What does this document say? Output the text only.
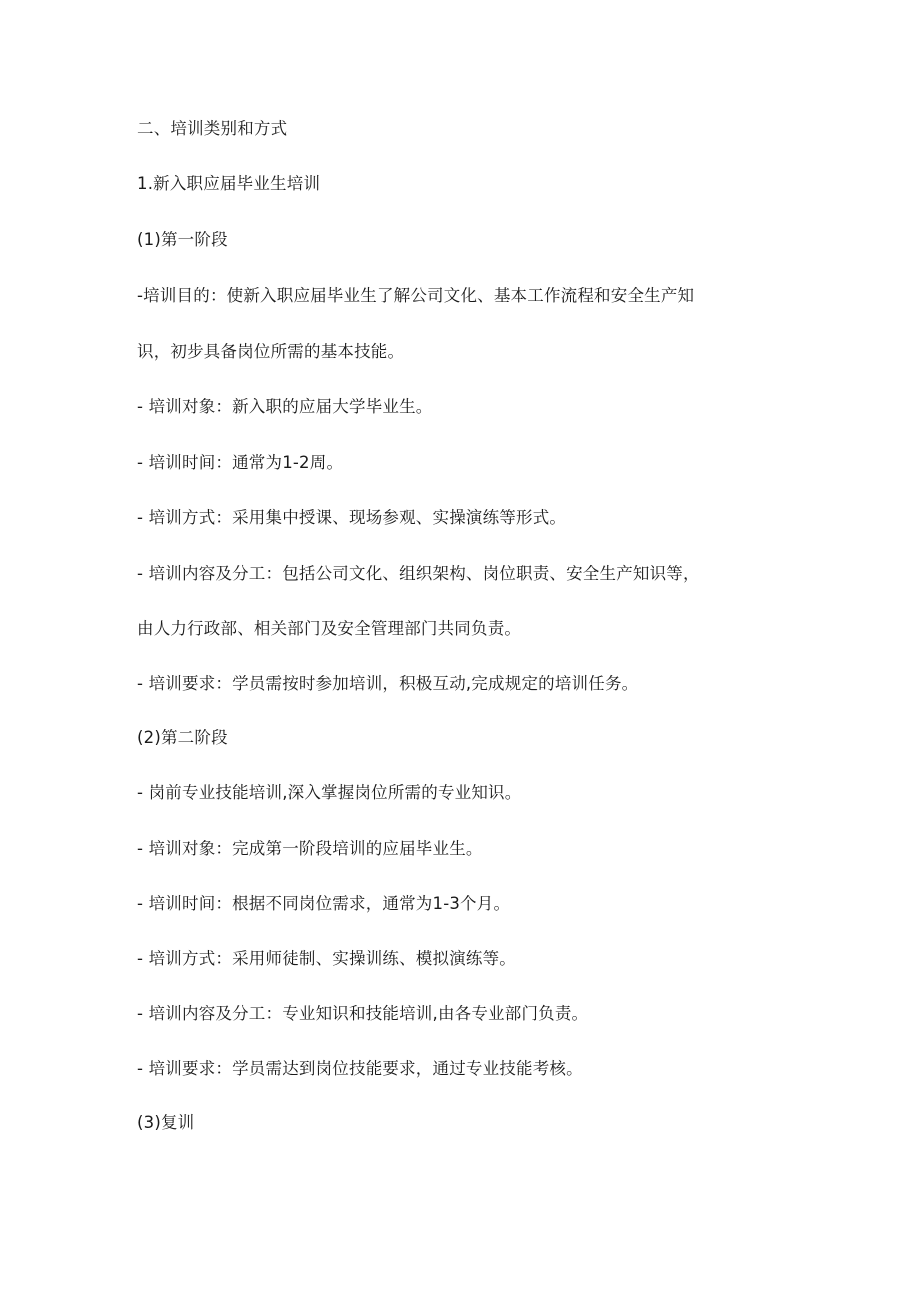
二、培训类别和方式
1.新入职应届毕业生培训
(1)第一阶段
-培训目的：使新入职应届毕业生了解公司文化、基本工作流程和安全生产知
识，初步具备岗位所需的基本技能。
- 培训对象：新入职的应届大学毕业生。
- 培训时间：通常为1-2周。
- 培训方式：采用集中授课、现场参观、实操演练等形式。
- 培训内容及分工：包括公司文化、组织架构、岗位职责、安全生产知识等，
由人力行政部、相关部门及安全管理部门共同负责。
- 培训要求：学员需按时参加培训，积极互动,完成规定的培训任务。
(2)第二阶段
- 岗前专业技能培训,深入掌握岗位所需的专业知识。
- 培训对象：完成第一阶段培训的应届毕业生。
- 培训时间：根据不同岗位需求，通常为1-3个月。
- 培训方式：采用师徒制、实操训练、模拟演练等。
- 培训内容及分工：专业知识和技能培训,由各专业部门负责。
- 培训要求：学员需达到岗位技能要求，通过专业技能考核。
(3)复训
